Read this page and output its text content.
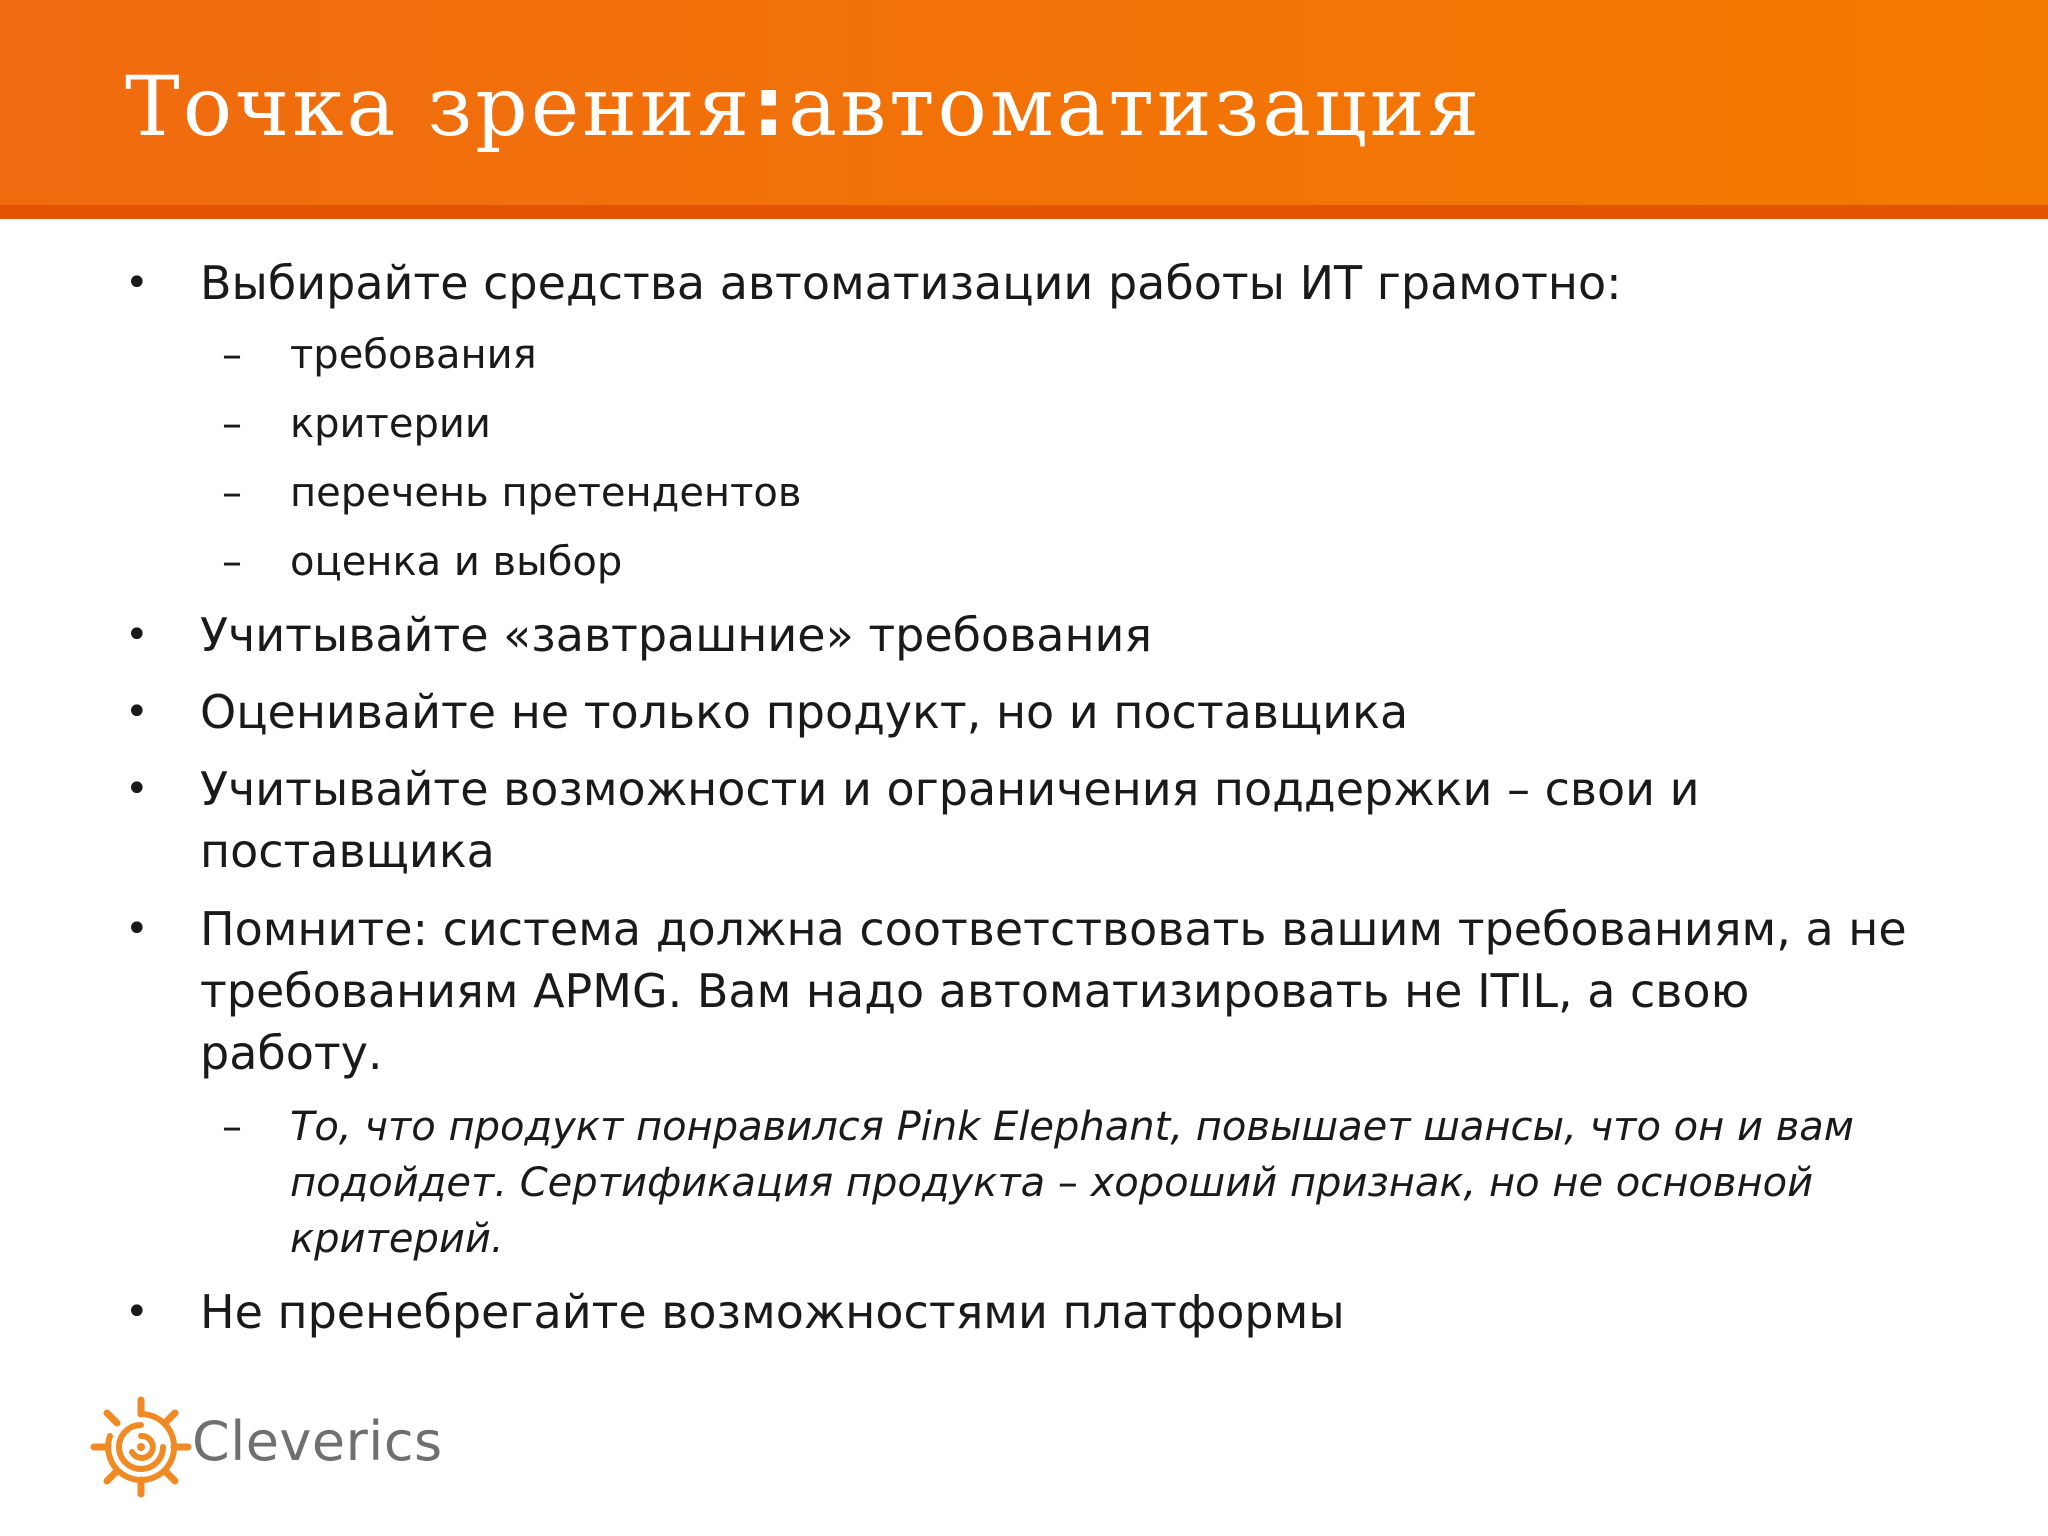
Точка зрения:автоматизация
•	Выбирайте средства автоматизации работы ИТ грамотно:
– требования
– критерии
– перечень претендентов
– оценка и выбор
•	Учитывайте «завтрашние» требования
•	Оценивайте не только продукт, но и поставщика
•	Учитывайте возможности и ограничения поддержки – свои и поставщика
•	Помните: система должна соответствовать вашим требованиям, а не требованиям APMG. Вам надо автоматизировать не ITIL, а свою работу.
– То, что продукт понравился Pink Elephant, повышает шансы, что он и вам подойдет. Сертификация продукта – хороший признак, но не основной критерий.
•	Не пренебрегайте возможностями платформы
Cleverics
